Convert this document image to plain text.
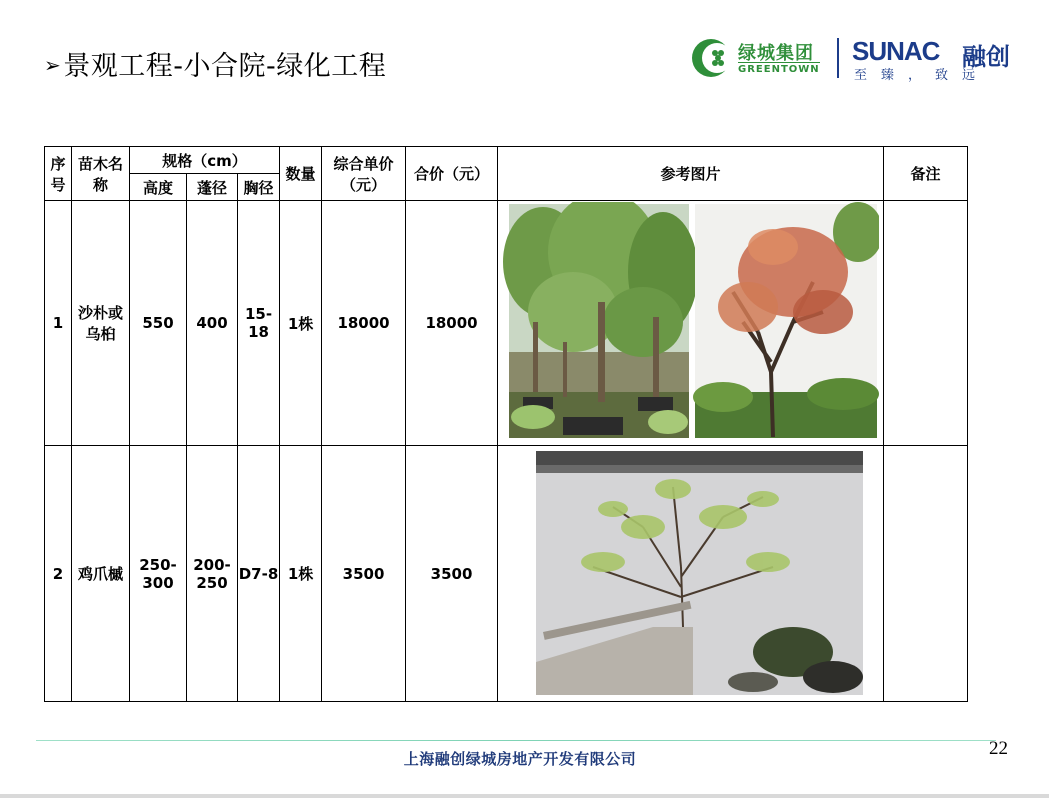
➢景观工程-小合院-绿化工程	绿城集团
GREENTOWN
SUNAC 融创
至臻，致远
序号	苗木名称	规格（cm）			数量	综合单价（元）	合价（元）	参考图片	备注
		高度	蓬径	胸径					
1	沙朴或乌桕	550	400	15-18	1株	18000	18000		
2	鸡爪槭	250-300	200-250	D7-8	1株	3500	3500		
上海融创绿城房地产开发有限公司	22
